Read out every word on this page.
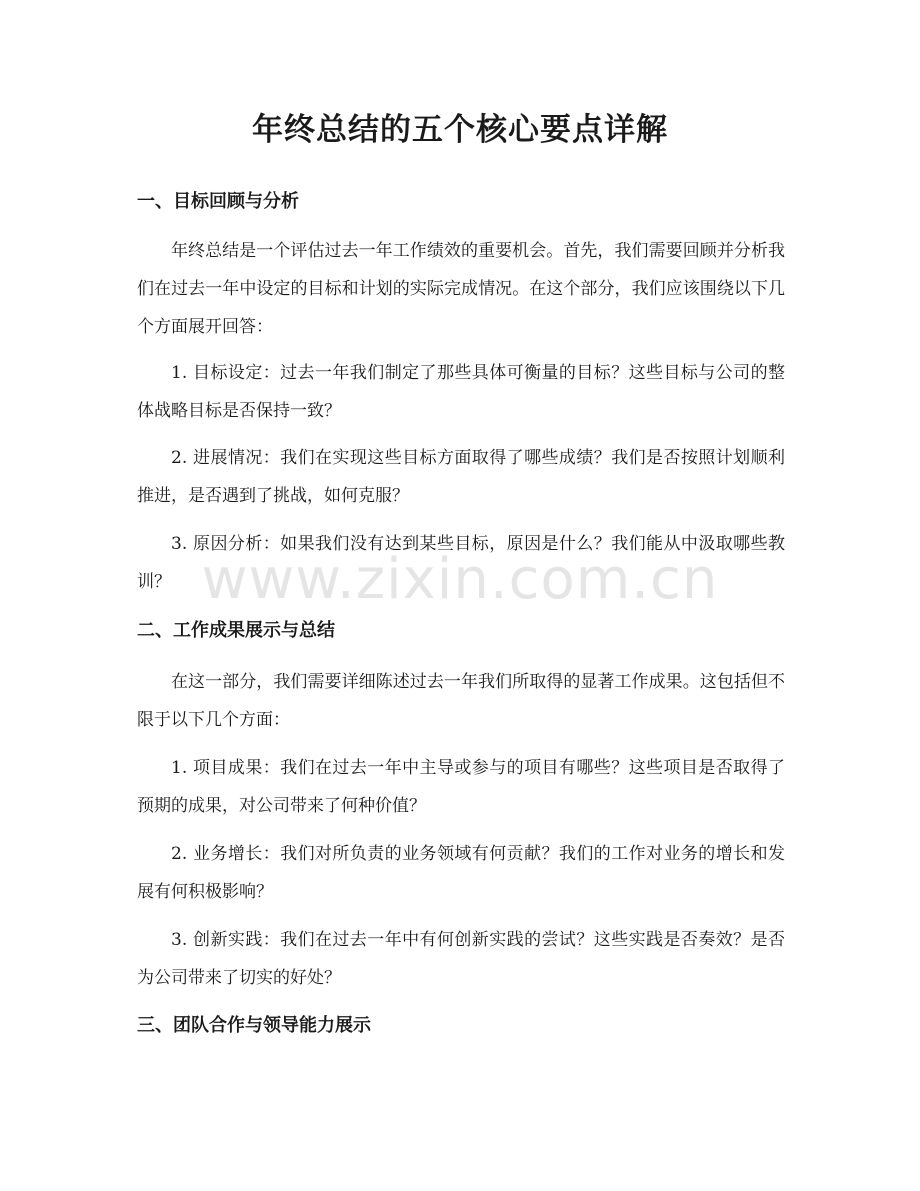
年终总结的五个核心要点详解
一、目标回顾与分析

年终总结是一个评估过去一年工作绩效的重要机会。首先，我们需要回顾并分析我们在过去一年中设定的目标和计划的实际完成情况。在这个部分，我们应该围绕以下几个方面展开回答：

1. 目标设定：过去一年我们制定了那些具体可衡量的目标？这些目标与公司的整体战略目标是否保持一致？

2. 进展情况：我们在实现这些目标方面取得了哪些成绩？我们是否按照计划顺利推进，是否遇到了挑战，如何克服？

3. 原因分析：如果我们没有达到某些目标，原因是什么？我们能从中汲取哪些教训？

二、工作成果展示与总结

在这一部分，我们需要详细陈述过去一年我们所取得的显著工作成果。这包括但不限于以下几个方面：

1. 项目成果：我们在过去一年中主导或参与的项目有哪些？这些项目是否取得了预期的成果，对公司带来了何种价值？

2. 业务增长：我们对所负责的业务领域有何贡献？我们的工作对业务的增长和发展有何积极影响？

3. 创新实践：我们在过去一年中有何创新实践的尝试？这些实践是否奏效？是否为公司带来了切实的好处？

三、团队合作与领导能力展示
www.zixin.com.cn
